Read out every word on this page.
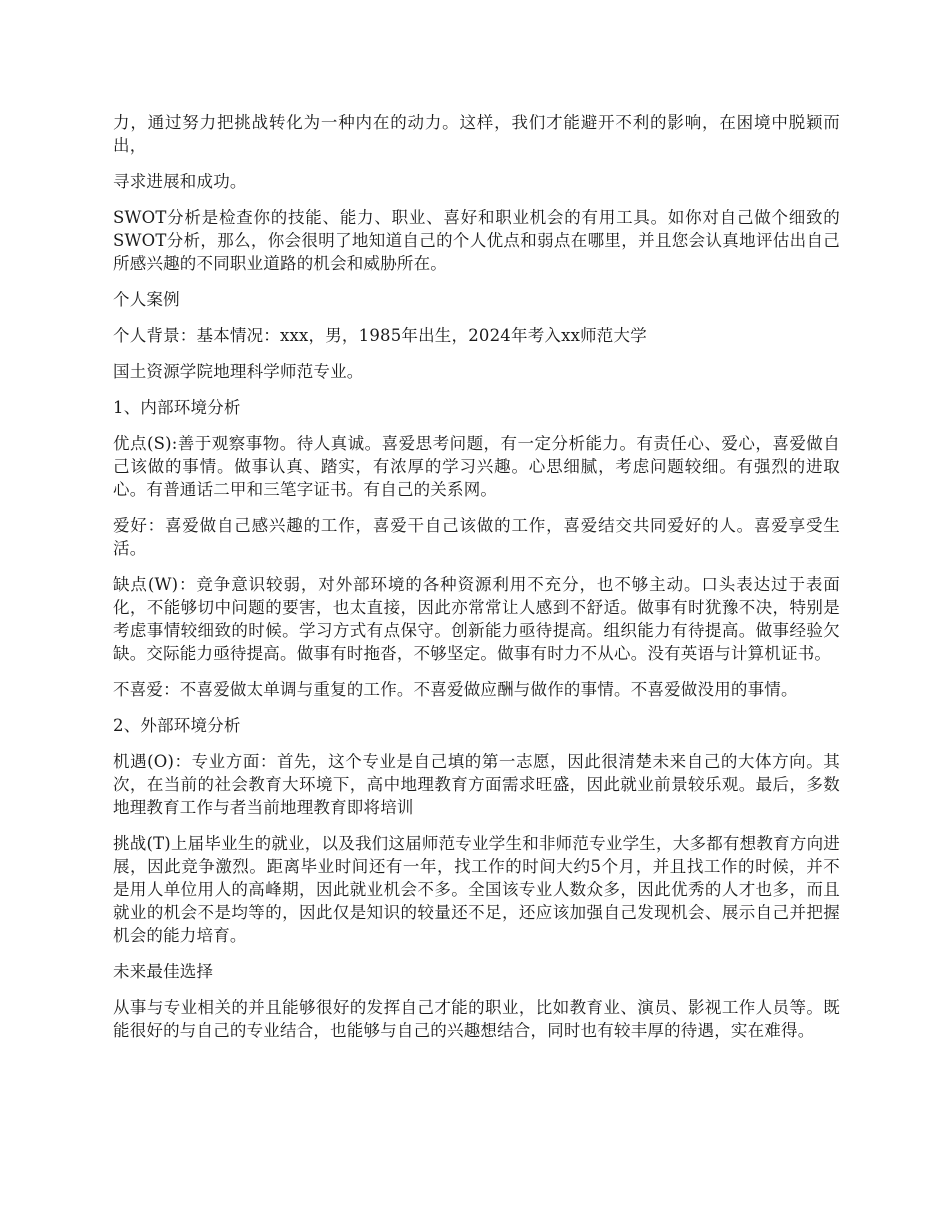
力，通过努力把挑战转化为一种内在的动力。这样，我们才能避开不利的影响，在困境中脱颖而出，

寻求进展和成功。

SWOT分析是检查你的技能、能力、职业、喜好和职业机会的有用工具。如你对自己做个细致的SWOT分析，那么，你会很明了地知道自己的个人优点和弱点在哪里，并且您会认真地评估出自己所感兴趣的不同职业道路的机会和威胁所在。

个人案例

个人背景：基本情况：xxx，男，1985年出生，2024年考入xx师范大学

国土资源学院地理科学师范专业。

1、内部环境分析

优点(S):善于观察事物。待人真诚。喜爱思考问题，有一定分析能力。有责任心、爱心，喜爱做自己该做的事情。做事认真、踏实，有浓厚的学习兴趣。心思细腻，考虑问题较细。有强烈的进取心。有普通话二甲和三笔字证书。有自己的关系网。

爱好：喜爱做自己感兴趣的工作，喜爱干自己该做的工作，喜爱结交共同爱好的人。喜爱享受生活。

缺点(W)：竞争意识较弱，对外部环境的各种资源利用不充分，也不够主动。口头表达过于表面化，不能够切中问题的要害，也太直接，因此亦常常让人感到不舒适。做事有时犹豫不决，特别是考虑事情较细致的时候。学习方式有点保守。创新能力亟待提高。组织能力有待提高。做事经验欠缺。交际能力亟待提高。做事有时拖沓，不够坚定。做事有时力不从心。没有英语与计算机证书。

不喜爱：不喜爱做太单调与重复的工作。不喜爱做应酬与做作的事情。不喜爱做没用的事情。

2、外部环境分析

机遇(O)：专业方面：首先，这个专业是自己填的第一志愿，因此很清楚未来自己的大体方向。其次，在当前的社会教育大环境下，高中地理教育方面需求旺盛，因此就业前景较乐观。最后，多数地理教育工作与者当前地理教育即将培训

挑战(T)上届毕业生的就业，以及我们这届师范专业学生和非师范专业学生，大多都有想教育方向进展，因此竞争激烈。距离毕业时间还有一年，找工作的时间大约5个月，并且找工作的时候，并不是用人单位用人的高峰期，因此就业机会不多。全国该专业人数众多，因此优秀的人才也多，而且就业的机会不是均等的，因此仅是知识的较量还不足，还应该加强自己发现机会、展示自己并把握机会的能力培育。

未来最佳选择

从事与专业相关的并且能够很好的发挥自己才能的职业，比如教育业、演员、影视工作人员等。既能很好的与自己的专业结合，也能够与自己的兴趣想结合，同时也有较丰厚的待遇，实在难得。
